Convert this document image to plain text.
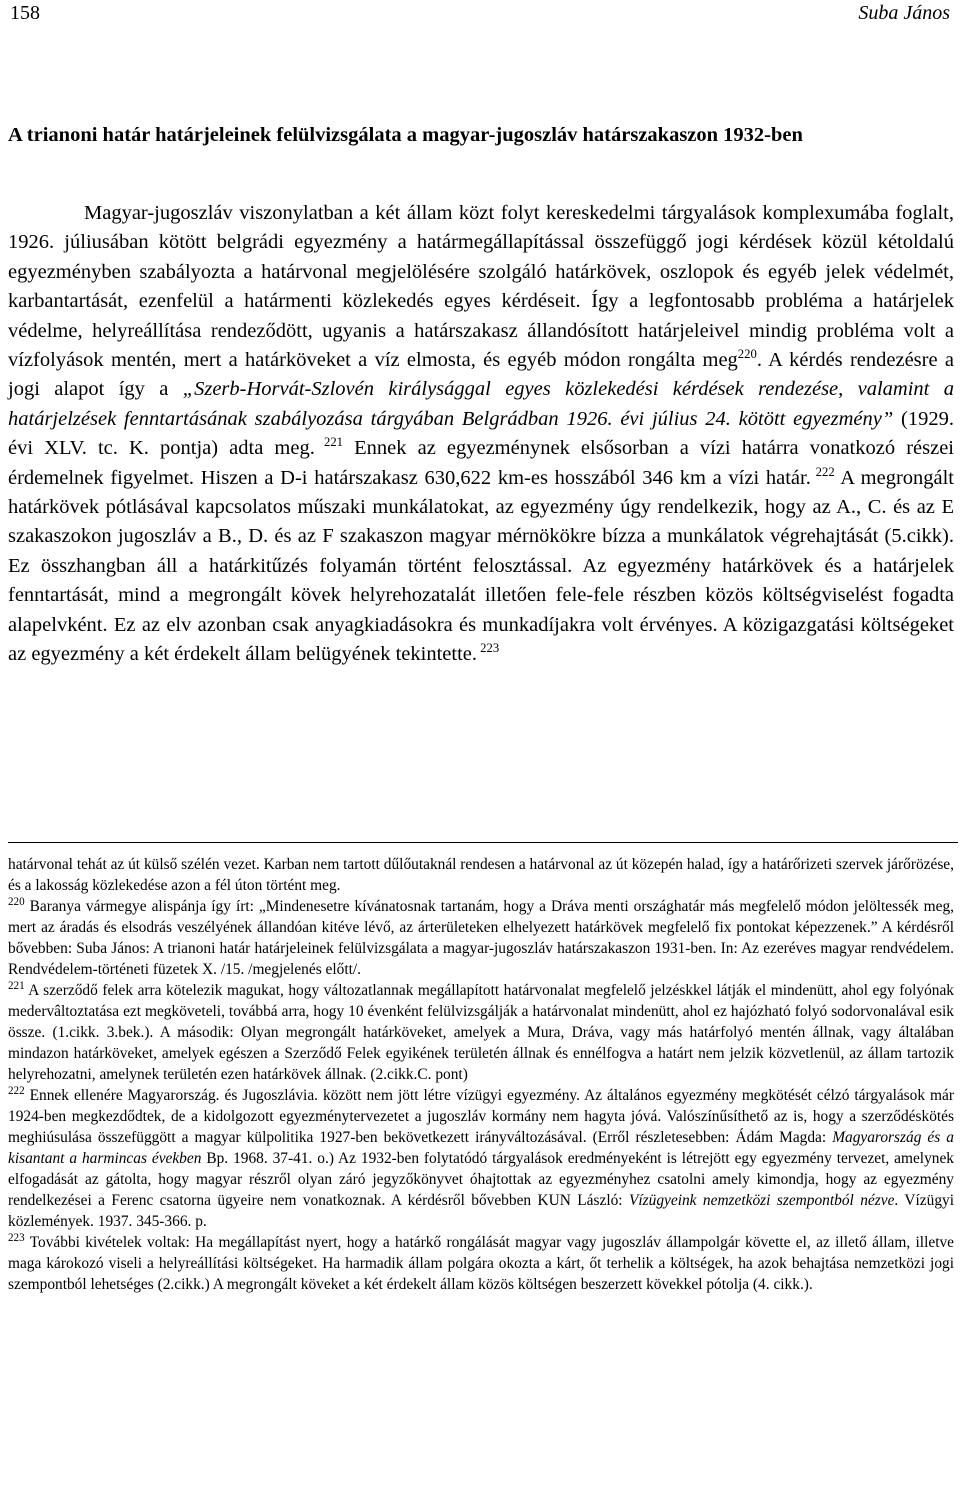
158	Suba János
A trianoni határ határjeleinek felülvizsgálata a magyar-jugoszláv határszakaszon 1932-ben

Magyar-jugoszláv viszonylatban a két állam közt folyt kereskedelmi tárgyalások komplexumába foglalt, 1926. júliusában kötött belgrádi egyezmény a határmegállapítással összefüggő jogi kérdések közül kétoldalú egyezményben szabályozta a határvonal megjelölésére szolgáló határkövek, oszlopok és egyéb jelek védelmét, karbantartását, ezenfelül a határmenti közlekedés egyes kérdéseit. Így a legfontosabb probléma a határjelek védelme, helyreállítása rendeződött, ugyanis a határszakasz állandósított határjeleivel mindig probléma volt a vízfolyások mentén, mert a határköveket a víz elmosta, és egyéb módon rongálta meg$^{220}$. A kérdés rendezésre a jogi alapot így a „Szerb-Horvát-Szlovén királysággal egyes közlekedési kérdések rendezése, valamint a határjelzések fenntartásának szabályozása tárgyában Belgrádban 1926. évi július 24. kötött egyezmény” (1929. évi XLV. tc. K. pontja) adta meg. $^{221}$ Ennek az egyezménynek elsősorban a vízi határra vonatkozó részei érdemelnek figyelmet. Hiszen a D-i határszakasz 630,622 km-es hosszából 346 km a vízi határ. $^{222}$ A megrongált határkövek pótlásával kapcsolatos műszaki munkálatokat, az egyezmény úgy rendelkezik, hogy az A., C. és az E szakaszokon jugoszláv a B., D. és az F szakaszon magyar mérnökökre bízza a munkálatok végrehajtását (5.cikk). Ez összhangban áll a határkitűzés folyamán történt felosztással. Az egyezmény határkövek és a határjelek fenntartását, mind a megrongált kövek helyrehozatalát illetően fele-fele részben közös költségviselést fogadta alapelvként. Ez az elv azonban csak anyagkiadásokra és munkadíjakra volt érvényes. A közigazgatási költségeket az egyezmény a két érdekelt állam belügyének tekintette. $^{223}$

határvonal tehát az út külső szélén vezet. Karban nem tartott dűlőutaknál rendesen a határvonal az út közepén halad, így a határőrizeti szervek járőrözése, és a lakosság közlekedése azon a fél úton történt meg.

$^{220}$ Baranya vármegye alispánja így írt: „Mindenesetre kívánatosnak tartanám, hogy a Dráva menti országhatár más megfelelő módon jelöltessék meg, mert az áradás és elsodrás veszélyének állandóan kitéve lévő, az árterületeken elhelyezett határkövek megfelelő fix pontokat képezzenek.” A kérdésről bővebben: Suba János: A trianoni határ határjeleinek felülvizsgálata a magyar-jugoszláv határszakaszon 1931-ben. In: Az ezeréves magyar rendvédelem. Rendvédelem-történeti füzetek X. /15. /megjelenés előtt/.

$^{221}$ A szerződő felek arra kötelezik magukat, hogy változatlannak megállapított határvonalat megfelelő jelzéskkel látják el mindenütt, ahol egy folyónak medervâltoztatása ezt megköveteli, továbbá arra, hogy 10 évenként felülvizsgálják a határvonalat mindenütt, ahol ez hajózható folyó sodorvonalával esik össze. (1.cikk. 3.bek.). A második: Olyan megrongált határköveket, amelyek a Mura, Dráva, vagy más határfolyó mentén állnak, vagy általában mindazon határköveket, amelyek egészen a Szerződő Felek egyikének területén állnak és ennélfogva a határt nem jelzik közvetlenül, az állam tartozik helyrehozatni, amelynek területén ezen határkövek állnak. (2.cikk.C. pont)

$^{222}$ Ennek ellenére Magyarország. és Jugoszlávia. között nem jött létre vízügyi egyezmény. Az általános egyezmény megkötését célzó tárgyalások már 1924-ben megkezdődtek, de a kidolgozott egyezménytervezetet a jugoszláv kormány nem hagyta jóvá. Valószínűsíthető az is, hogy a szerződéskötés meghiúsulása összefüggött a magyar külpolitika 1927-ben bekövetkezett irányváltozásával. (Erről részletesebben: Ádám Magda: Magyarország és a kisantant a harmincas években Bp. 1968. 37-41. o.) Az 1932-ben folytatódó tárgyalások eredményeként is létrejött egy egyezmény tervezet, amelynek elfogadását az gátolta, hogy magyar részről olyan záró jegyzőkönyvet óhajtottak az egyezményhez csatolni amely kimondja, hogy az egyezmény rendelkezései a Ferenc csatorna ügyeire nem vonatkoznak. A kérdésről bővebben KUN László: Vízügyeink nemzetközi szempontból nézve. Vízügyi közlemények. 1937. 345-366. p.

$^{223}$ További kivételek voltak: Ha megállapítást nyert, hogy a határkő rongálását magyar vagy jugoszláv állampolgár követte el, az illető állam, illetve maga károkozó viseli a helyreállítási költségeket. Ha harmadik állam polgára okozta a kárt, őt terhelik a költségek, ha azok behajtása nemzetközi jogi szempontból lehetséges (2.cikk.) A megrongált köveket a két érdekelt állam közös költségen beszerzett kövekkel pótolja (4. cikk.).
